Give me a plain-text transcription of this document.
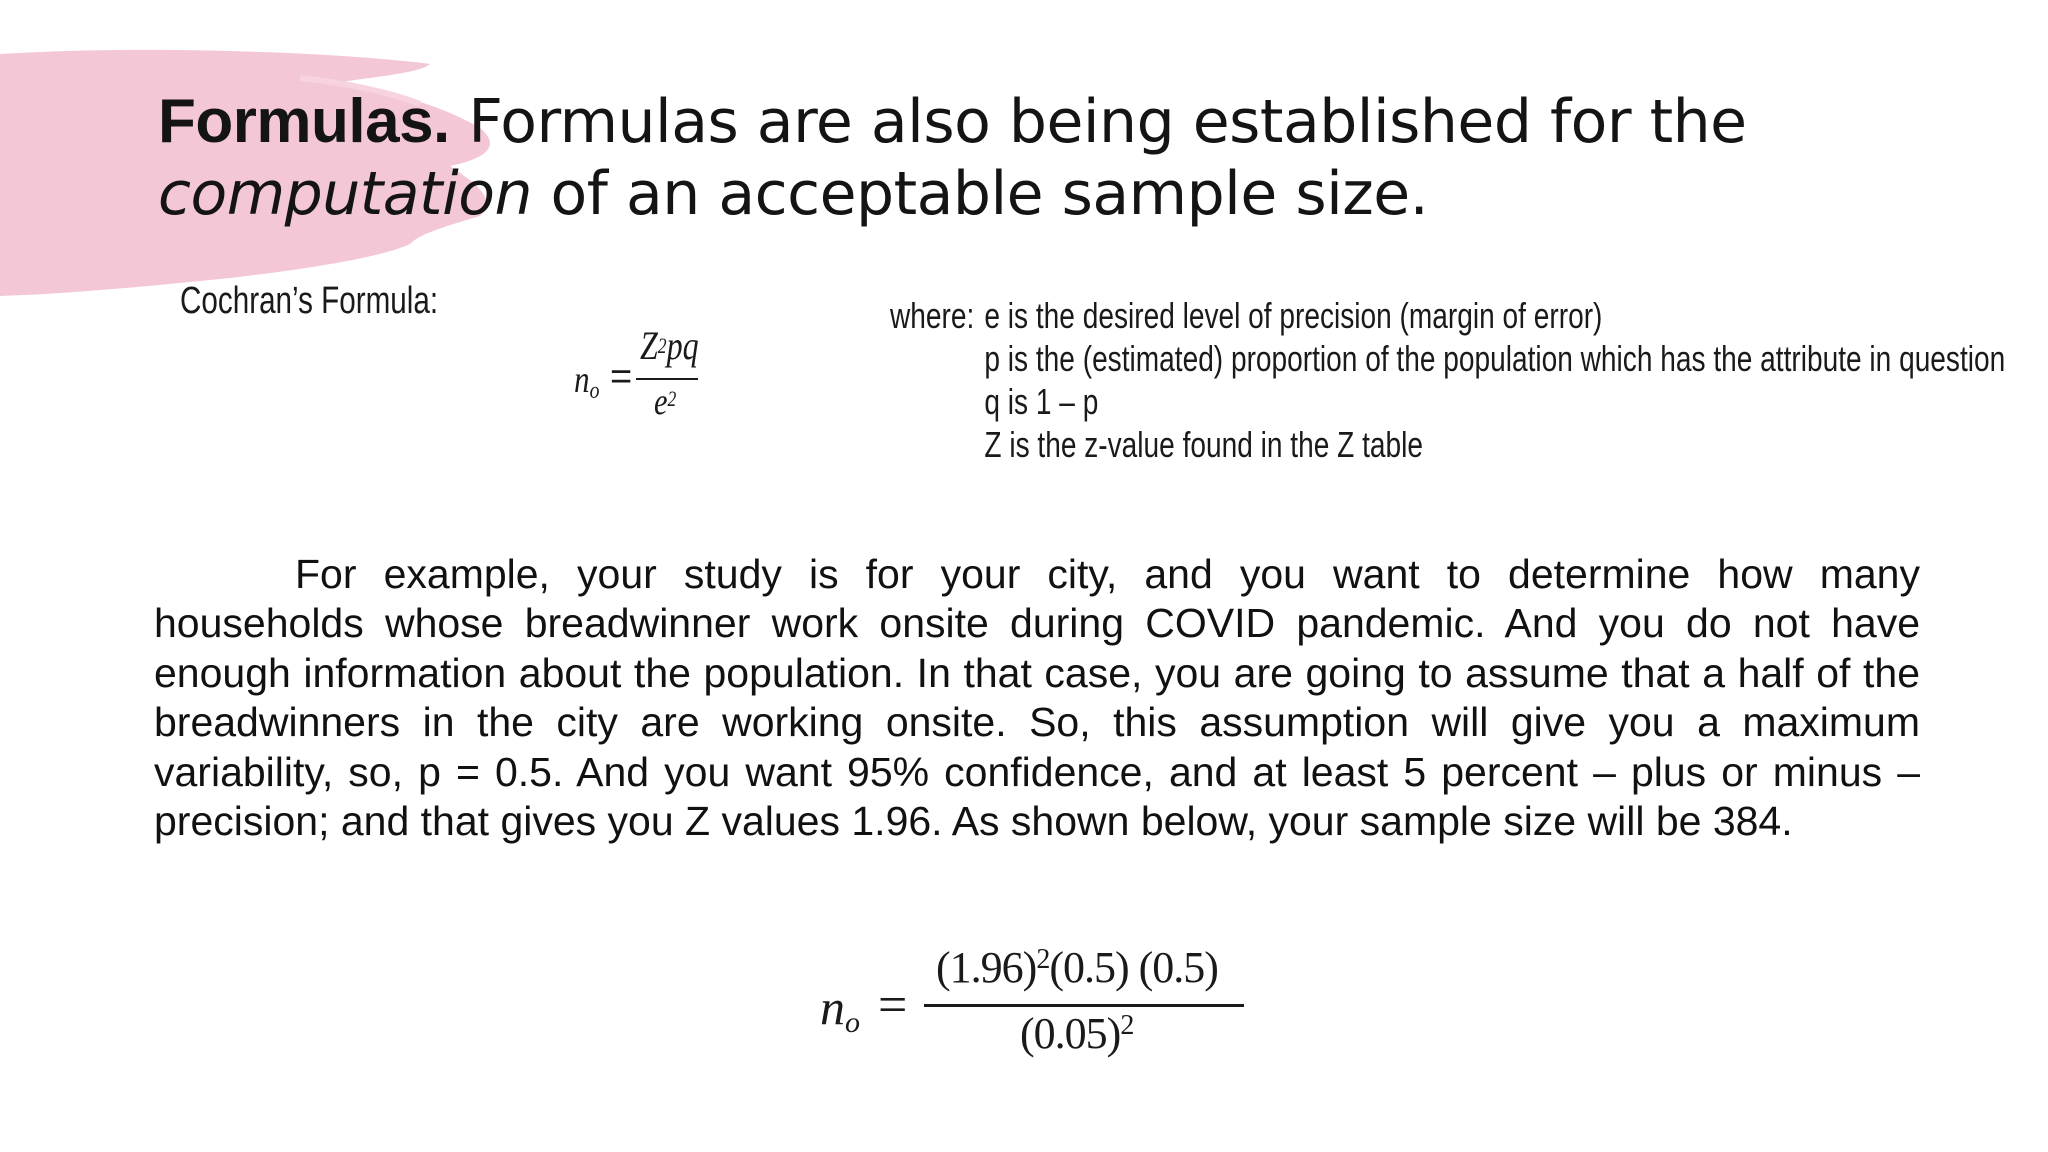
Formulas. Formulas are also being established for the computation of an acceptable sample size.
Cochran’s Formula:
$n_o$ =
$Z^2pq$
$e^2$
where: e is the desired level of precision (margin of error)
p is the (estimated) proportion of the population which has the attribute in question
q is 1 – p
Z is the z-value found in the Z table

For example, your study is for your city, and you want to determine how many households whose breadwinner work onsite during COVID pandemic. And you do not have enough information about the population. In that case, you are going to assume that a half of the breadwinners in the city are working onsite. So, this assumption will give you a maximum variability, so, p = 0.5. And you want 95% confidence, and at least 5 percent – plus or minus – precision; and that gives you Z values 1.96. As shown below, your sample size will be 384.

$n_o$ =
$(1.96)^2(0.5)$ (0.5)
$(0.05)^2$
